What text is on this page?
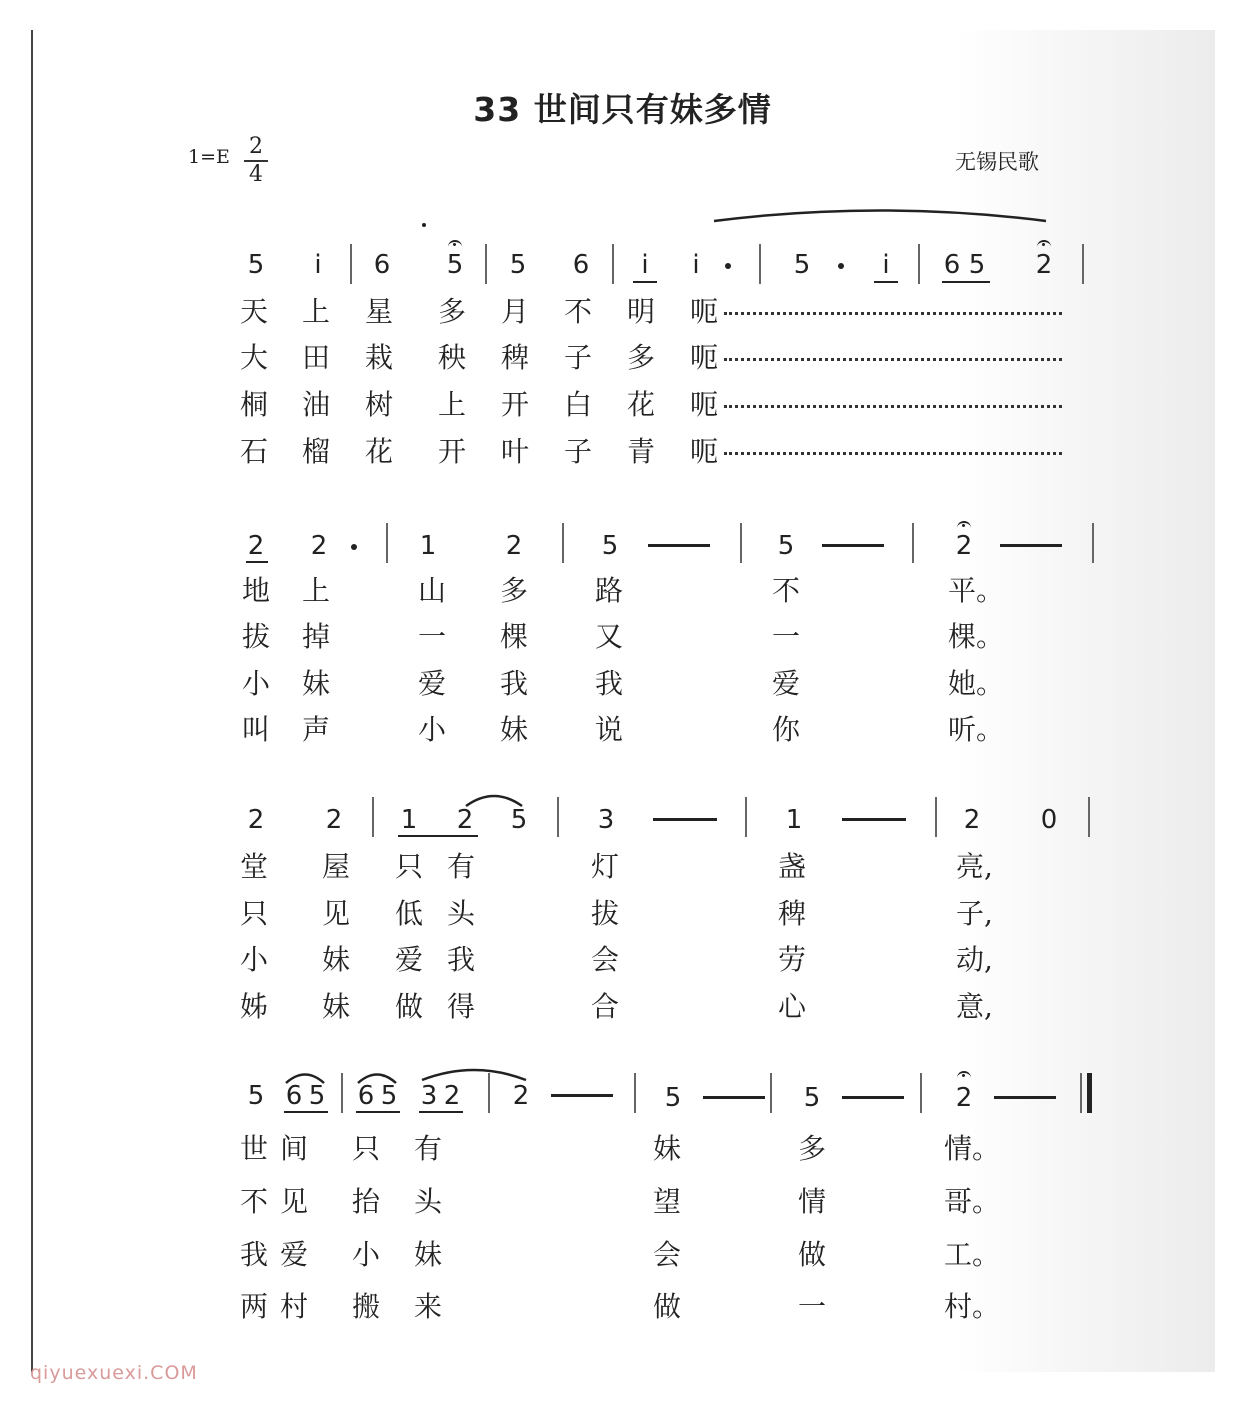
33 世间只有妹多情
1=E 2
4	无锡民歌
5	i	6 5 5 6	i	i	5	i	6 5 2
天 上 星 多 月 不 明 呃
大 田 栽 秧 稗 子 多 呃
桐 油 树 上 开 白 花 呃
石 榴 花 开 叶 子 青 呃
2 2	1	2	5	5	2
地 上	山 多 路	不	平。
拔 掉	一 棵 又	一	棵。
小 妹	爱 我 我	爱	她。
叫 声	小 妹 说	你	听。
2 2 1 2 5	3	1	2 0
堂 屋 只 有	灯	盏	亮,
只 见 低 头	拔	稗	子,
小 妹 爱 我	会	劳	动,
姊 妹 做 得	合	心	意,
5 6 5 6 5 3 2 2	5	5	2
世 间 只 有	妹	多	情。
不 见 抬 头	望	情	哥。
我 爱 小 妹	会	做	工。
两 村 搬 来	做	一	村。
qiyuexuexi.COM
